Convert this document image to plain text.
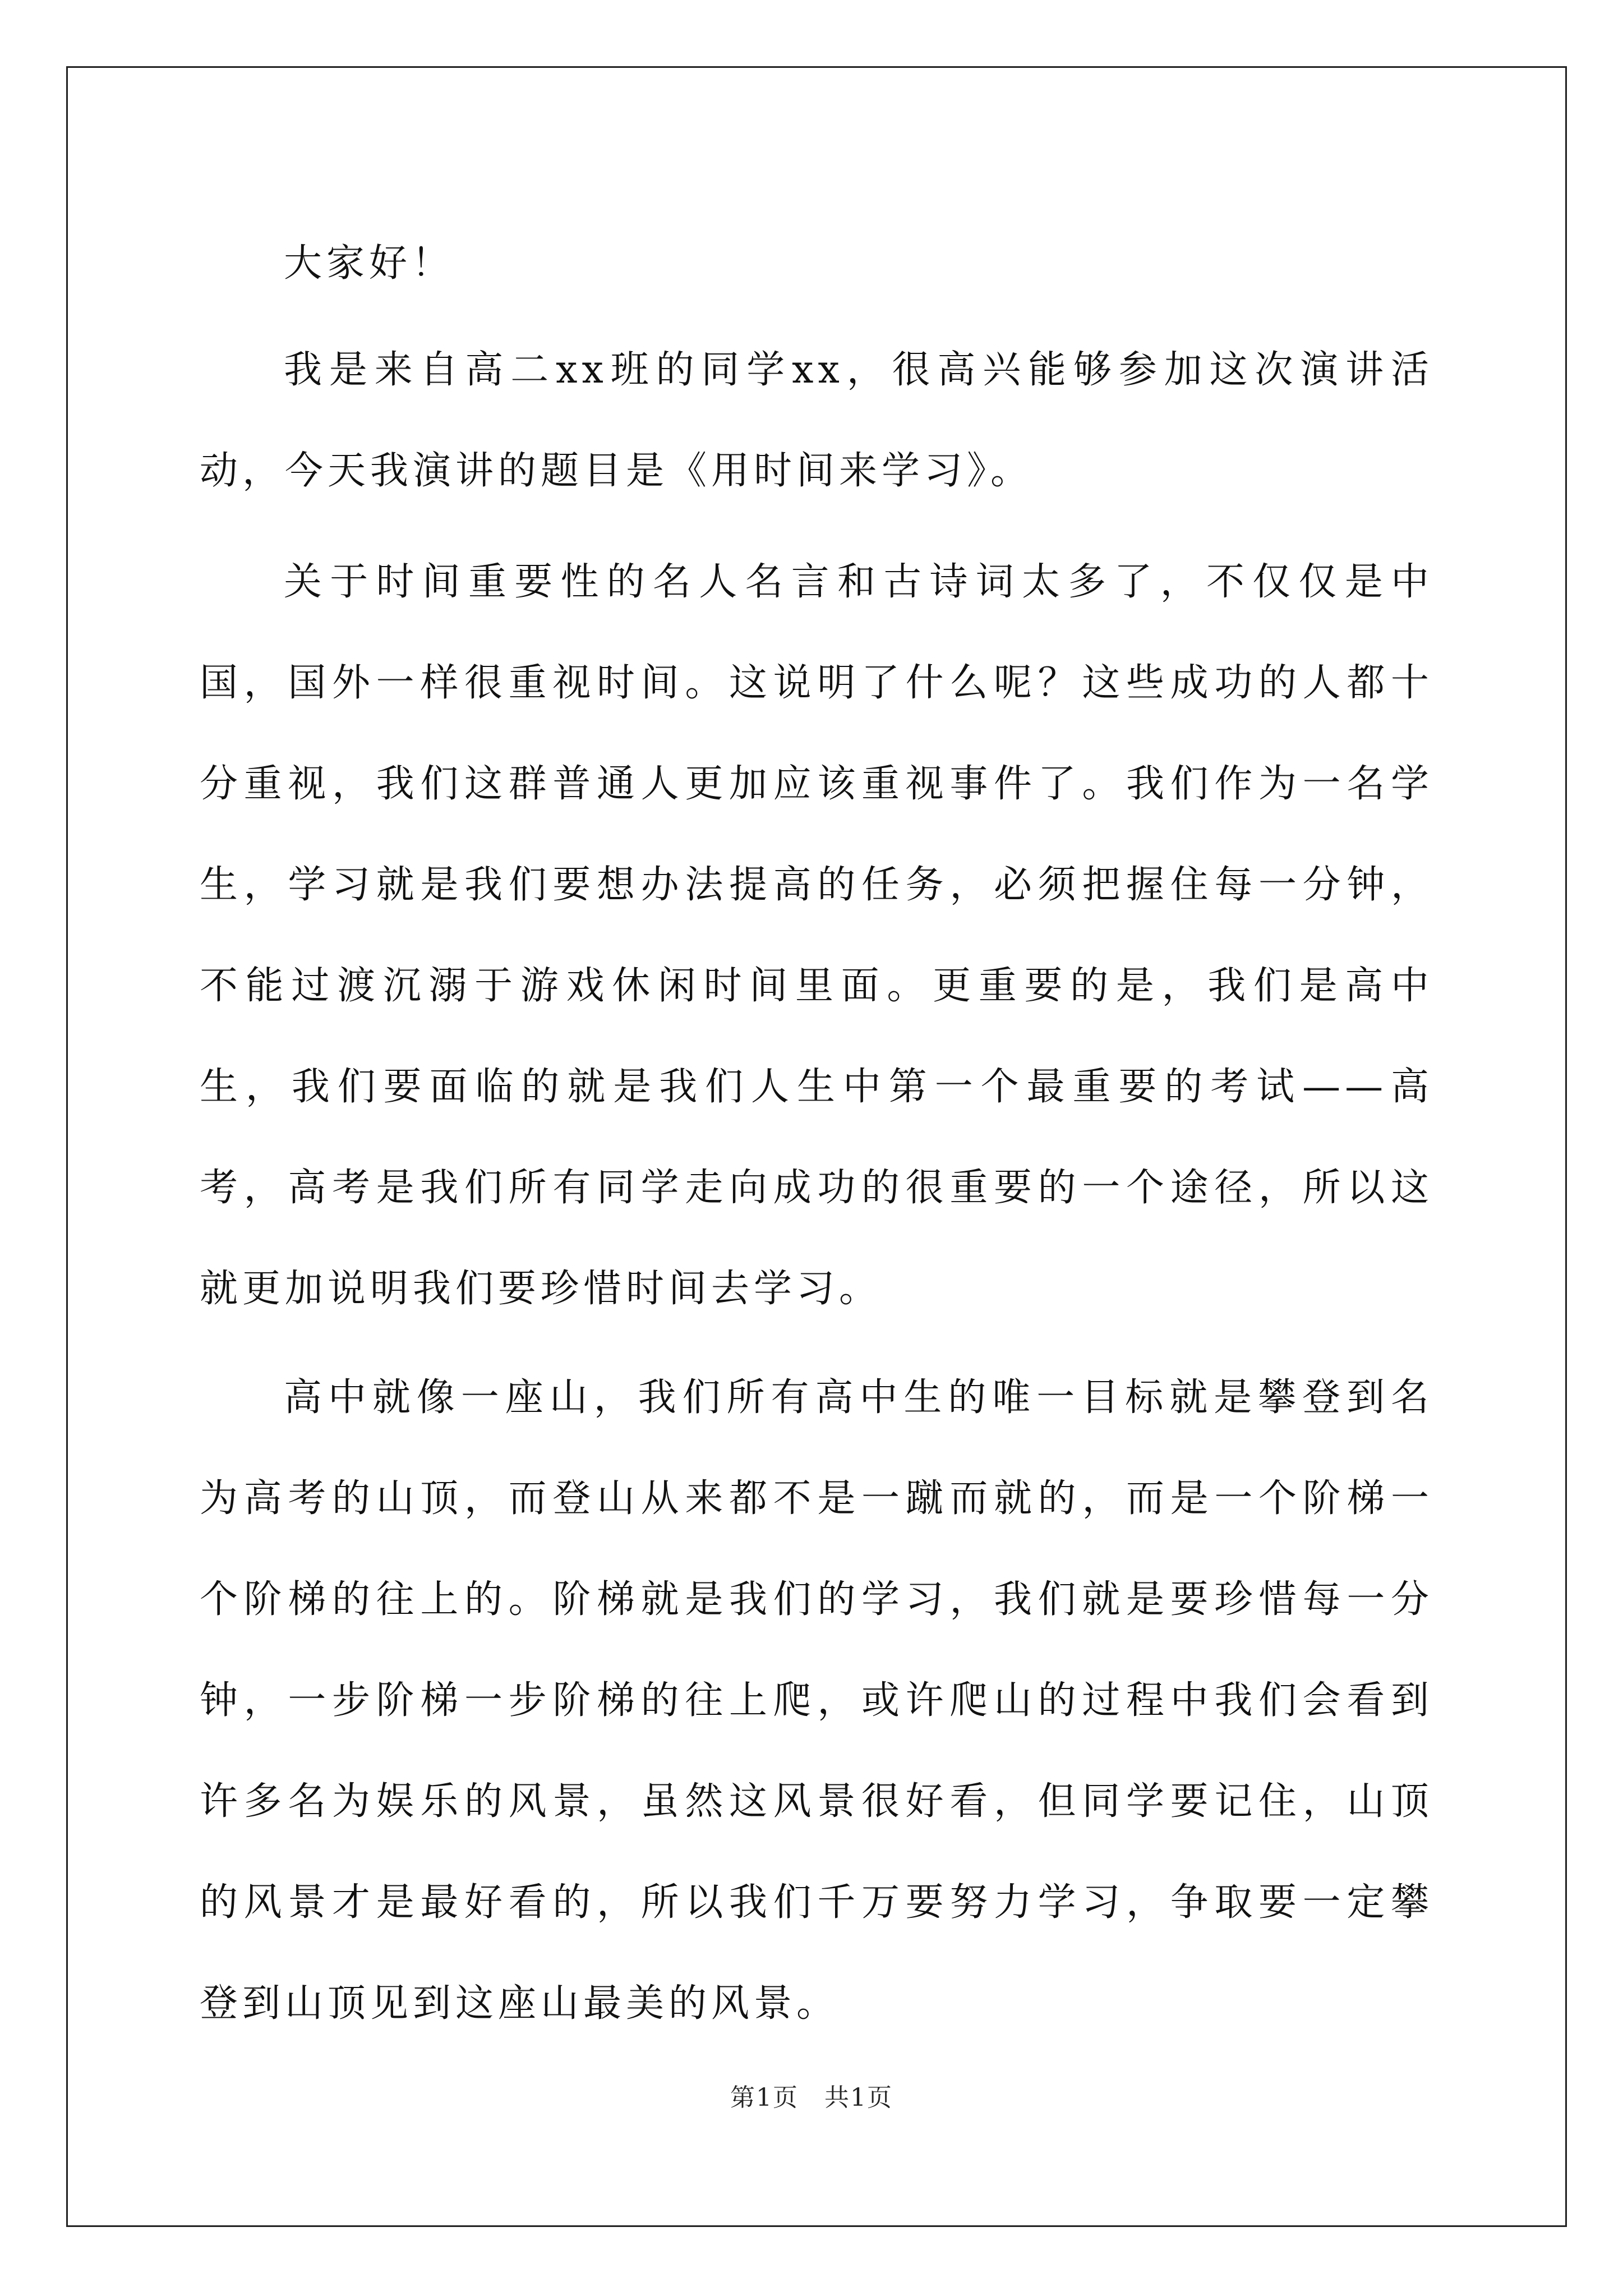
大家好！

我是来自高二xx班的同学xx，很高兴能够参加这次演讲活动，今天我演讲的题目是《用时间来学习》。

关于时间重要性的名人名言和古诗词太多了，不仅仅是中国，国外一样很重视时间。这说明了什么呢？这些成功的人都十分重视，我们这群普通人更加应该重视事件了。我们作为一名学生，学习就是我们要想办法提高的任务，必须把握住每一分钟，不能过渡沉溺于游戏休闲时间里面。更重要的是，我们是高中生，我们要面临的就是我们人生中第一个最重要的考试——高考，高考是我们所有同学走向成功的很重要的一个途径，所以这就更加说明我们要珍惜时间去学习。

高中就像一座山，我们所有高中生的唯一目标就是攀登到名为高考的山顶，而登山从来都不是一蹴而就的，而是一个阶梯一个阶梯的往上的。阶梯就是我们的学习，我们就是要珍惜每一分钟，一步阶梯一步阶梯的往上爬，或许爬山的过程中我们会看到许多名为娱乐的风景，虽然这风景很好看，但同学要记住，山顶的风景才是最好看的，所以我们千万要努力学习，争取要一定攀登到山顶见到这座山最美的风景。

第1页　共1页
